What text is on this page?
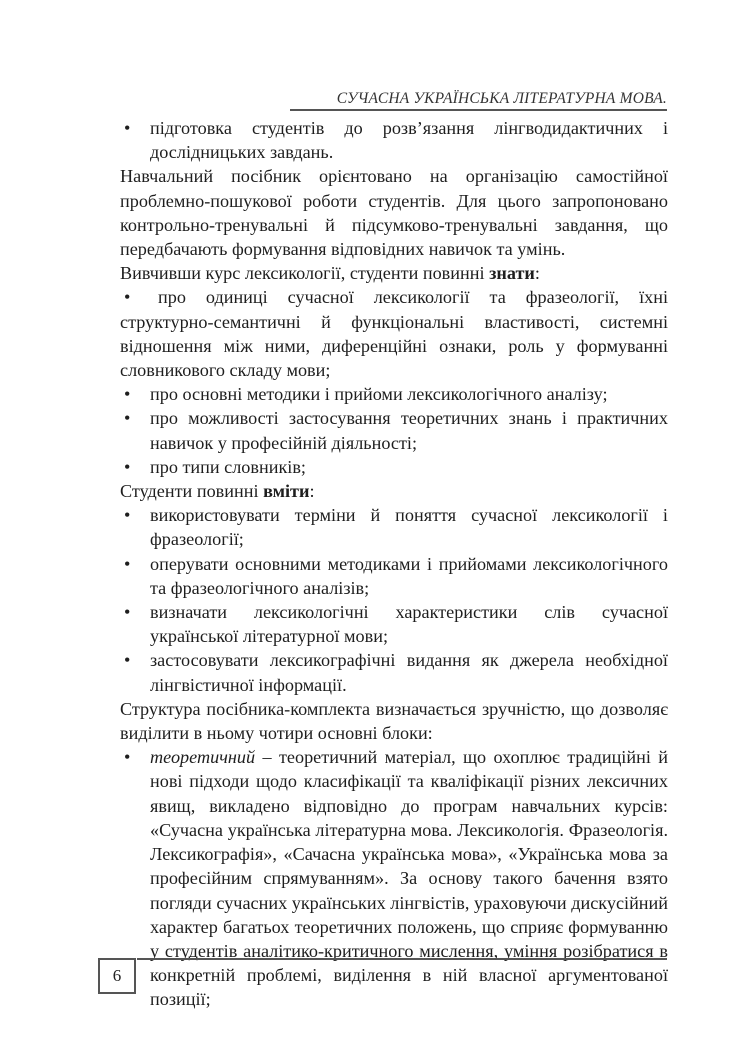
СУЧАСНА УКРАЇНСЬКА ЛІТЕРАТУРНА МОВА.
•	підготовка студентів до розв’язання лінгводидактичних і дослідницьких завдань.

Навчальний посібник орієнтовано на організацію самостійної проблемно-пошукової роботи студентів. Для цього запропоновано контрольно-тренувальні й підсумково-тренувальні завдання, що передбачають формування відповідних навичок та умінь.

Вивчивши курс лексикології, студенти повинні знати:

• про одиниці сучасної лексикології та фразеології, їхні структурно-семантичні й функціональні властивості, системні відношення між ними, диференційні ознаки, роль у формуванні словникового складу мови;

•	про основні методики і прийоми лексикологічного аналізу;
•	про можливості застосування теоретичних знань і практичних навичок у професійній діяльності;
•	про типи словників;

Студенти повинні вміти:

•	використовувати терміни й поняття сучасної лексикології і фразеології;
•	оперувати основними методиками і прийомами лексикологічного та фразеологічного аналізів;
•	визначати лексикологічні характеристики слів сучасної української літературної мови;
•	застосовувати лексикографічні видання як джерела необхідної лінгвістичної інформації.

Структура посібника-комплекта визначається зручністю, що дозволяє виділити в ньому чотири основні блоки:

•	теоретичний – теоретичний матеріал, що охоплює традиційні й нові підходи щодо класифікації та кваліфікації різних лексичних явищ, викладено відповідно до програм навчальних курсів: «Сучасна українська літературна мова. Лексикологія. Фразеологія. Лексикографія», «Сачасна українська мова», «Українська мова за професійним спрямуванням». За основу такого бачення взято погляди сучасних українських лінгвістів, ураховуючи дискусійний характер багатьох теоретичних положень, що сприяє формуванню у студентів аналітико-критичного мислення, уміння розібратися в конкретній проблемі, виділення в ній власної аргументованої позиції;
6
